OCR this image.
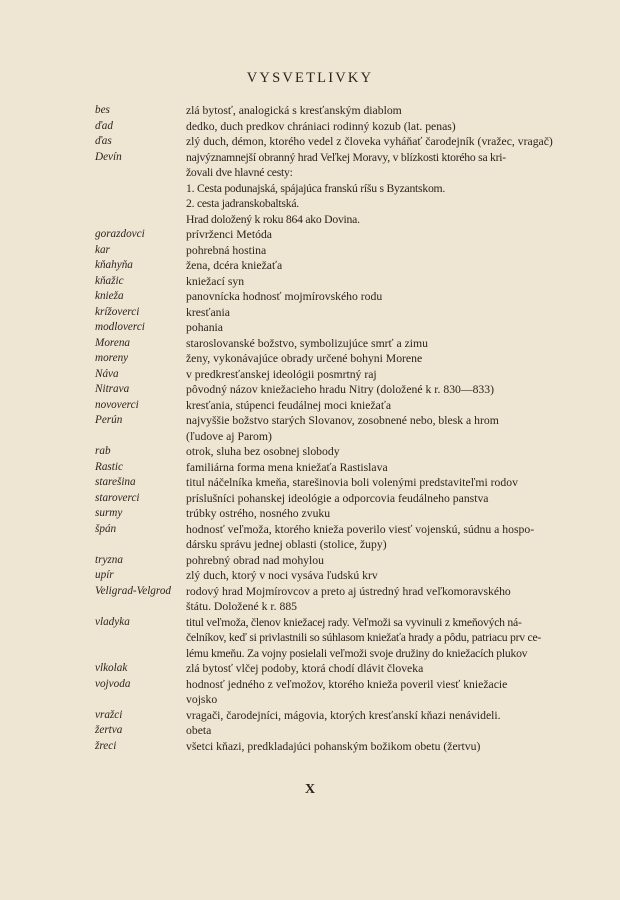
VYSVETLIVKY
bes	zlá bytosť, analogická s kresťanským diablom
ďad	dedko, duch predkov chrániaci rodinný kozub (lat. penas)
ďas	zlý duch, démon, ktorého vedel z človeka vyháňať čarodejník (vražec, vragač)
Devín	najvýznamnejší obranný hrad Veľkej Moravy, v blízkosti ktorého sa kri-
žovali dve hlavné cesty:
1. Cesta podunajská, spájajúca franskú ríšu s Byzantskom.
2. cesta jadranskobaltská.
Hrad doložený k roku 864 ako Dovina.
gorazdovci	prívrženci Metóda
kar	pohrebná hostina
kňahyňa	žena, dcéra kniežaťa
kňažic	kniežací syn
knieža	panovnícka hodnosť mojmírovského rodu
krížoverci	kresťania
modloverci	pohania
Morena	staroslovanské božstvo, symbolizujúce smrť a zimu
moreny	ženy, vykonávajúce obrady určené bohyni Morene
Náva	v predkresťanskej ideológii posmrtný raj
Nitrava	pôvodný názov kniežacieho hradu Nitry (doložené k r. 830—833)
novoverci	kresťania, stúpenci feudálnej moci kniežaťa
Perún	najvyššie božstvo starých Slovanov, zosobnené nebo, blesk a hrom
(ľudove aj Parom)
rab	otrok, sluha bez osobnej slobody
Rastic	familiárna forma mena kniežaťa Rastislava
starešina	titul náčelníka kmeňa, starešinovia boli volenými predstaviteľmi rodov
staroverci	príslušníci pohanskej ideológie a odporcovia feudálneho panstva
surmy	trúbky ostrého, nosného zvuku
špán	hodnosť veľmoža, ktorého knieža poverilo viesť vojenskú, súdnu a hospo-
dársku správu jednej oblasti (stolice, župy)
tryzna	pohrebný obrad nad mohylou
upír	zlý duch, ktorý v noci vysáva ľudskú krv
Veligrad-Velgrod	rodový hrad Mojmírovcov a preto aj ústredný hrad veľkomoravského
štátu. Doložené k r. 885
vladyka	titul veľmoža, členov kniežacej rady. Veľmoži sa vyvinuli z kmeňových ná-
čelníkov, keď si privlastnili so súhlasom kniežaťa hrady a pôdu, patriacu prv ce-
lému kmeňu. Za vojny posielali veľmoži svoje družiny do kniežacích plukov
vlkolak	zlá bytosť vlčej podoby, ktorá chodí dlávit človeka
vojvoda	hodnosť jedného z veľmožov, ktorého knieža poveril viesť kniežacie
vojsko
vražci	vragači, čarodejníci, mágovia, ktorých kresťanskí kňazi nenávideli.
žertva	obeta
žreci	všetci kňazi, predkladajúci pohanským božikom obetu (žertvu)
X
